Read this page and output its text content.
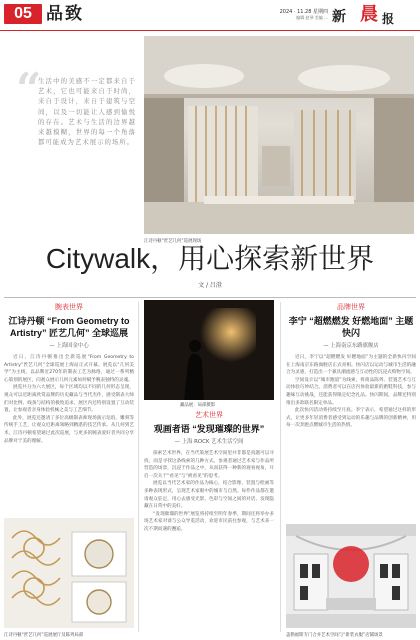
05 品致	2024 · 11.28 星期四
编辑 赵琴 美编 … 新 晨 报
“
生活中的美感不一定都来自于艺术，它也可能来自于时尚，来自于设计，来自于建筑与空间，以及一切能让人感到愉悦的存在。艺术与生活的边界越来越模糊，世界的每一个角落都可能成为艺术展示的场所。
江诗丹顿“匠艺几何”巡展现场
Citywalk，用心探索新世界
文 / 吕澄
腕表世界
江诗丹顿 “From Geometry to Artistry” 匠艺几何” 全球巡展
— 上海国金中心

近日，江诗丹顿推出全新巡展“From Geometry to Artistry”匠艺几何”全球巡展上海站正式开幕。展览以“几何美学”为主线，以品牌近270年的制表工艺为脉络，通过一系列精心策划的展区，向观众展示几何元素如何赋予腕表独特的灵魂。

展览共分为六大展区，每个区域均以不同的几何形态呈现，观众可以近距离欣赏品牌的历史藏品与当代杰作，感受制表大师们对比例、线条与结构的极致追求。展区内还特别设置了互动装置，让参观者亲身体验机械之美与工艺细节。

此外，展览还邀请了多位高级制表师现场演示珐琅、雕刻等传统手工艺，让观众近距离领略到精湛的技艺传承。从几何到艺术，江诗丹顿希望通过此次巡展，与更多的腕表爱好者共同分享品牌对于美的理解。

江诗丹顿“匠艺几何”巡展展厅及陈列局部
藏品展：局部摄影
艺术世界
观画者语 “发现璀璨的世界”
— 上海 ROCK 艺术生活空间

探索艺术世界，在当代策展艺术空间里并非都是真题可以寻找，而是寻找这条线索的几种方式。参观者通过艺术家与作品所营造的场景，沉浸于作品之中，从而获得一种新的观看视角，开启一次关于“看见”与“被看见”的思考。

展览以当代艺术家的作品为核心，结合影像、装置与绘画等多种表现形式，呈现艺术家眼中的城市与自然。每件作品都在邀请观众驻足，用心去感受光影、色彩与空间之间的对话，发现隐藏在日常中的美好。

“发现璀璨的世界”展览将持续至明年春季，期间还将举办多场艺术家对谈与公众导览活动，欢迎市民前往参观，与艺术来一次不期而遇的邂逅。

品牌世界
李宁 “超燃燃发 好燃地面” 主题快闪
— 上海南京东路旗舰店

近日，李宁以“超燃燃发 好燃地面”为主题的全新快闪空间在上海南京东路旗舰店正式亮相。快闪店以运动与城市生活的融合为灵感，打造出一个兼具潮流感与互动性的沉浸式购物空间。

空间设计以“城市跑道”为线索，将商品陈列、装置艺术与互动体验巧妙结合。消费者可以在店内体验最新的跑鞋科技，参与趣味互动挑战，还能获得限定纪念礼品。快闪期间，品牌还特别推出多款联名限定单品。

此次快闪活动将持续至月底。李宁表示，希望通过这样的形式，让更多年轻消费者感受到运动的乐趣与品牌的创新精神，用每一次奔跑点燃城市生活的热情。

盖勒福斯专门合并艺术空间与“新装衣服”店铺场景
